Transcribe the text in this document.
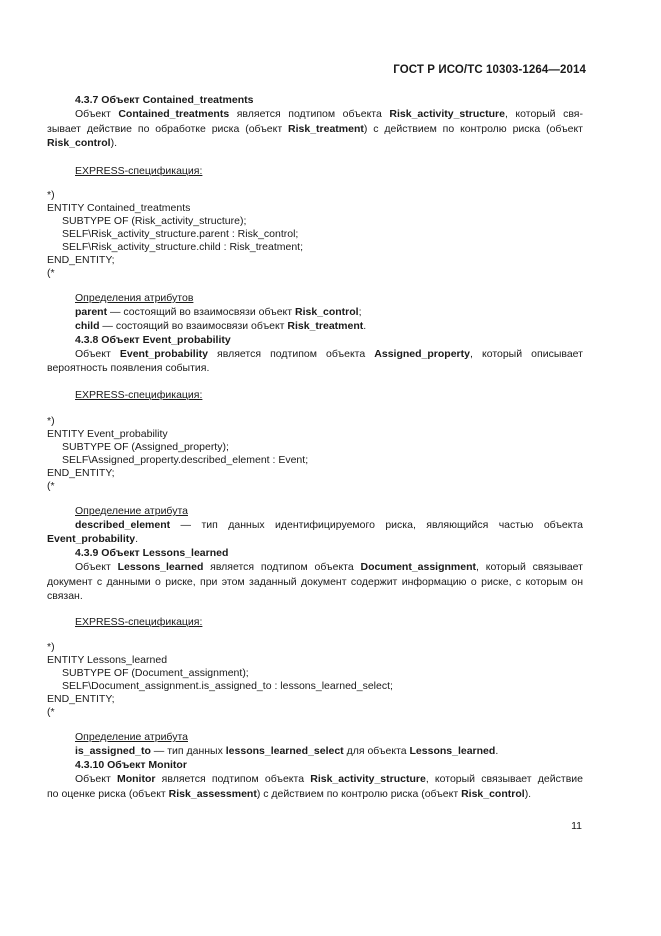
ГОСТ Р ИСО/ТС 10303-1264—2014
4.3.7 Объект Contained_treatments
Объект Contained_treatments является подтипом объекта Risk_activity_structure, который свя-
зывает действие по обработке риска (объект Risk_treatment) с действием по контролю риска (объект
Risk_control).
EXPRESS-спецификация:
*)
ENTITY Contained_treatments
SUBTYPE OF (Risk_activity_structure);
SELF\Risk_activity_structure.parent : Risk_control;
SELF\Risk_activity_structure.child : Risk_treatment;
END_ENTITY;
(*
Определения атрибутов
parent — состоящий во взаимосвязи объект Risk_control;
child — состоящий во взаимосвязи объект Risk_treatment.
4.3.8 Объект Event_probability
Объект Event_probability является подтипом объекта Assigned_property, который описывает
вероятность появления события.
EXPRESS-спецификация:
*)
ENTITY Event_probability
SUBTYPE OF (Assigned_property);
SELF\Assigned_property.described_element : Event;
END_ENTITY;
(*
Определение атрибута
described_element — тип данных идентифицируемого риска, являющийся частью объекта
Event_probability.
4.3.9 Объект Lessons_learned
Объект Lessons_learned является подтипом объекта Document_assignment, который связывает
документ с данными о риске, при этом заданный документ содержит информацию о риске, с которым он
связан.
EXPRESS-спецификация:
*)
ENTITY Lessons_learned
SUBTYPE OF (Document_assignment);
SELF\Document_assignment.is_assigned_to : lessons_learned_select;
END_ENTITY;
(*
Определение атрибута
is_assigned_to — тип данных lessons_learned_select для объекта Lessons_learned.
4.3.10 Объект Monitor
Объект Monitor является подтипом объекта Risk_activity_structure, который связывает действие
по оценке риска (объект Risk_assessment) с действием по контролю риска (объект Risk_control).
11
